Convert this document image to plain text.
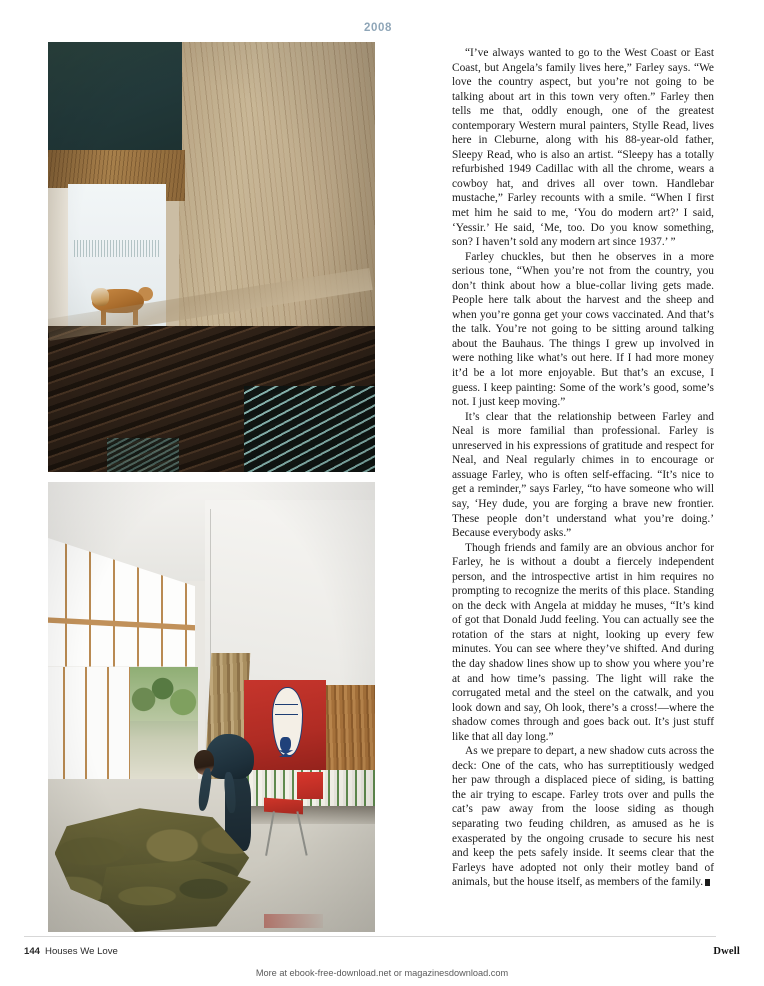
2008

“I’ve always wanted to go to the West Coast or East Coast, but Angela’s family lives here,” Farley says. “We love the country aspect, but you’re not going to be talking about art in this town very often.” Farley then tells me that, oddly enough, one of the greatest contemporary Western mural painters, Stylle Read, lives here in Cleburne, along with his 88-year-old father, Sleepy Read, who is also an artist. “Sleepy has a totally refurbished 1949 Cadillac with all the chrome, wears a cowboy hat, and drives all over town. Handlebar mustache,” Farley recounts with a smile. “When I first met him he said to me, ‘You do modern art?’ I said, ‘Yessir.’ He said, ‘Me, too. Do you know something, son? I haven’t sold any modern art since 1937.’ ”

Farley chuckles, but then he observes in a more serious tone, “When you’re not from the country, you don’t think about how a blue-collar living gets made. People here talk about the harvest and the sheep and when you’re gonna get your cows vaccinated. And that’s the talk. You’re not going to be sitting around talking about the Bauhaus. The things I grew up involved in were nothing like what’s out here. If I had more money it’d be a lot more enjoyable. But that’s an excuse, I guess. I keep painting: Some of the work’s good, some’s not. I just keep moving.”

It’s clear that the relationship between Farley and Neal is more familial than professional. Farley is unreserved in his expressions of gratitude and respect for Neal, and Neal regularly chimes in to encourage or assuage Farley, who is often self-effacing. “It’s nice to get a reminder,” says Farley, “to have someone who will say, ‘Hey dude, you are forging a brave new frontier. These people don’t understand what you’re doing.’ Because everybody asks.”

Though friends and family are an obvious anchor for Farley, he is without a doubt a fiercely independent person, and the introspective artist in him requires no prompting to recognize the merits of this place. Standing on the deck with Angela at midday he muses, “It’s kind of got that Donald Judd feeling. You can actually see the rotation of the stars at night, looking up every few minutes. You can see where they’ve shifted. And during the day shadow lines show up to show you where you’re at and how time’s passing. The light will rake the corrugated metal and the steel on the catwalk, and you look down and say, Oh look, there’s a cross!—where the shadow comes through and goes back out. It’s just stuff like that all day long.”

As we prepare to depart, a new shadow cuts across the deck: One of the cats, who has surreptitiously wedged her paw through a displaced piece of siding, is batting the air trying to escape. Farley trots over and pulls the cat’s paw away from the loose siding as though separating two feuding children, as amused as he is exasperated by the ongoing crusade to secure his nest and keep the pets safely inside. It seems clear that the Farleys have adopted not only their motley band of animals, but the house itself, as members of the family.

144 Houses We Love	Dwell
More at ebook-free-download.net or magazinesdownload.com
